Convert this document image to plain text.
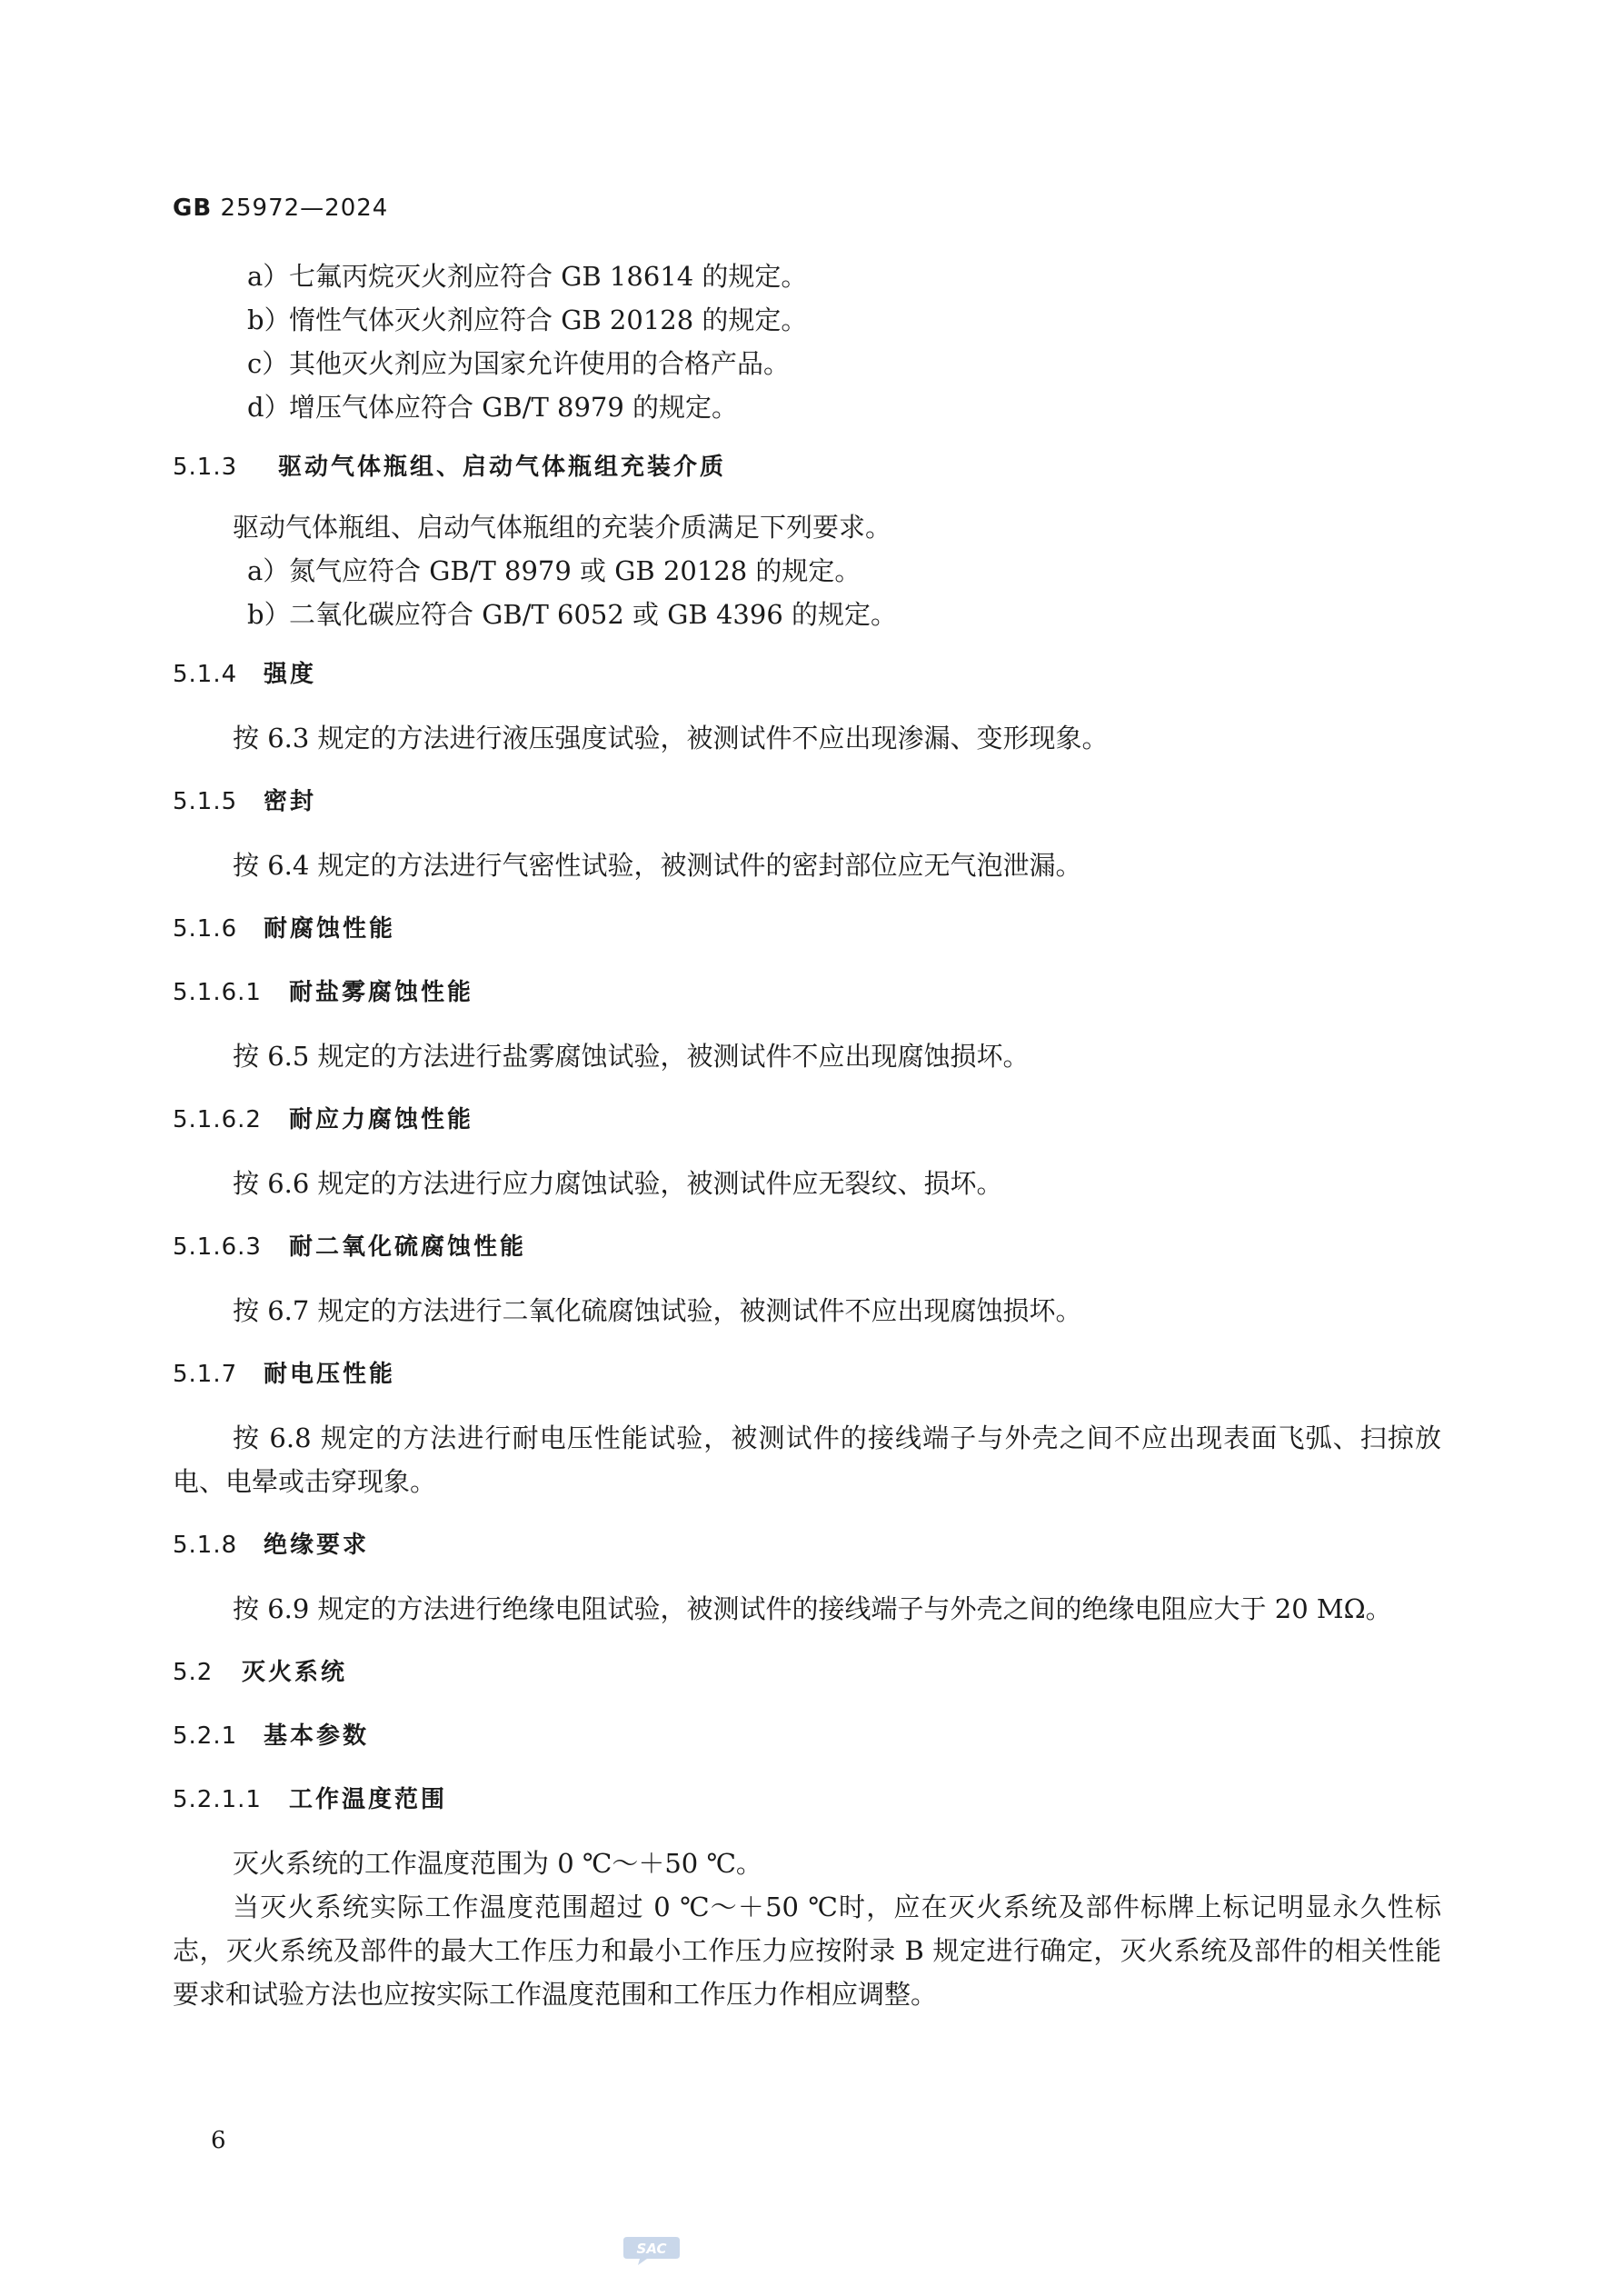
GB 25972—2024
a） 七氟丙烷灭火剂应符合 GB 18614 的规定。
b）
惰性气体灭火剂应符合 GB 20128 的规定。
c） 其他灭火剂应为国家允许使用的合格产品。
d）
增压气体应符合 GB/T 8979 的规定。
5.1.3 驱动气体瓶组、启动气体瓶组充装介质
驱动气体瓶组、启动气体瓶组的充装介质满足下列要求。
a） 氮气应符合 GB/T 8979 或 GB 20128 的规定。
b）
二氧化碳应符合 GB/T 6052 或 GB 4396 的规定。
5.1.4 强度
按 6.3 规定的方法进行液压强度试验，被测试件不应出现渗漏、变形现象。
5.1.5 密封
按 6.4 规定的方法进行气密性试验，被测试件的密封部位应无气泡泄漏。
5.1.6 耐腐蚀性能
5.1.6.1 耐盐雾腐蚀性能
按 6.5 规定的方法进行盐雾腐蚀试验，被测试件不应出现腐蚀损坏。
5.1.6.2 耐应力腐蚀性能
按 6.6 规定的方法进行应力腐蚀试验，被测试件应无裂纹、损坏。
5.1.6.3 耐二氧化硫腐蚀性能
按 6.7 规定的方法进行二氧化硫腐蚀试验，被测试件不应出现腐蚀损坏。
5.1.7 耐电压性能
按 6.8 规定的方法进行耐电压性能试验，被测试件的接线端子与外壳之间不应出现表面飞弧、扫掠放电、电晕或击穿现象。
5.1.8 绝缘要求
按 6.9 规定的方法进行绝缘电阻试验，被测试件的接线端子与外壳之间的绝缘电阻应大于 20 MΩ。
5.2 灭火系统
5.2.1 基本参数
5.2.1.1 工作温度范围
灭火系统的工作温度范围为 0 ℃～＋50 ℃。
当灭火系统实际工作温度范围超过 0 ℃～＋50 ℃时，应在灭火系统及部件标牌上标记明显永久性标志，灭火系统及部件的最大工作压力和最小工作压力应按附录 B 规定进行确定，灭火系统及部件的相关性能要求和试验方法也应按实际工作温度范围和工作压力作相应调整。
6
SAC
